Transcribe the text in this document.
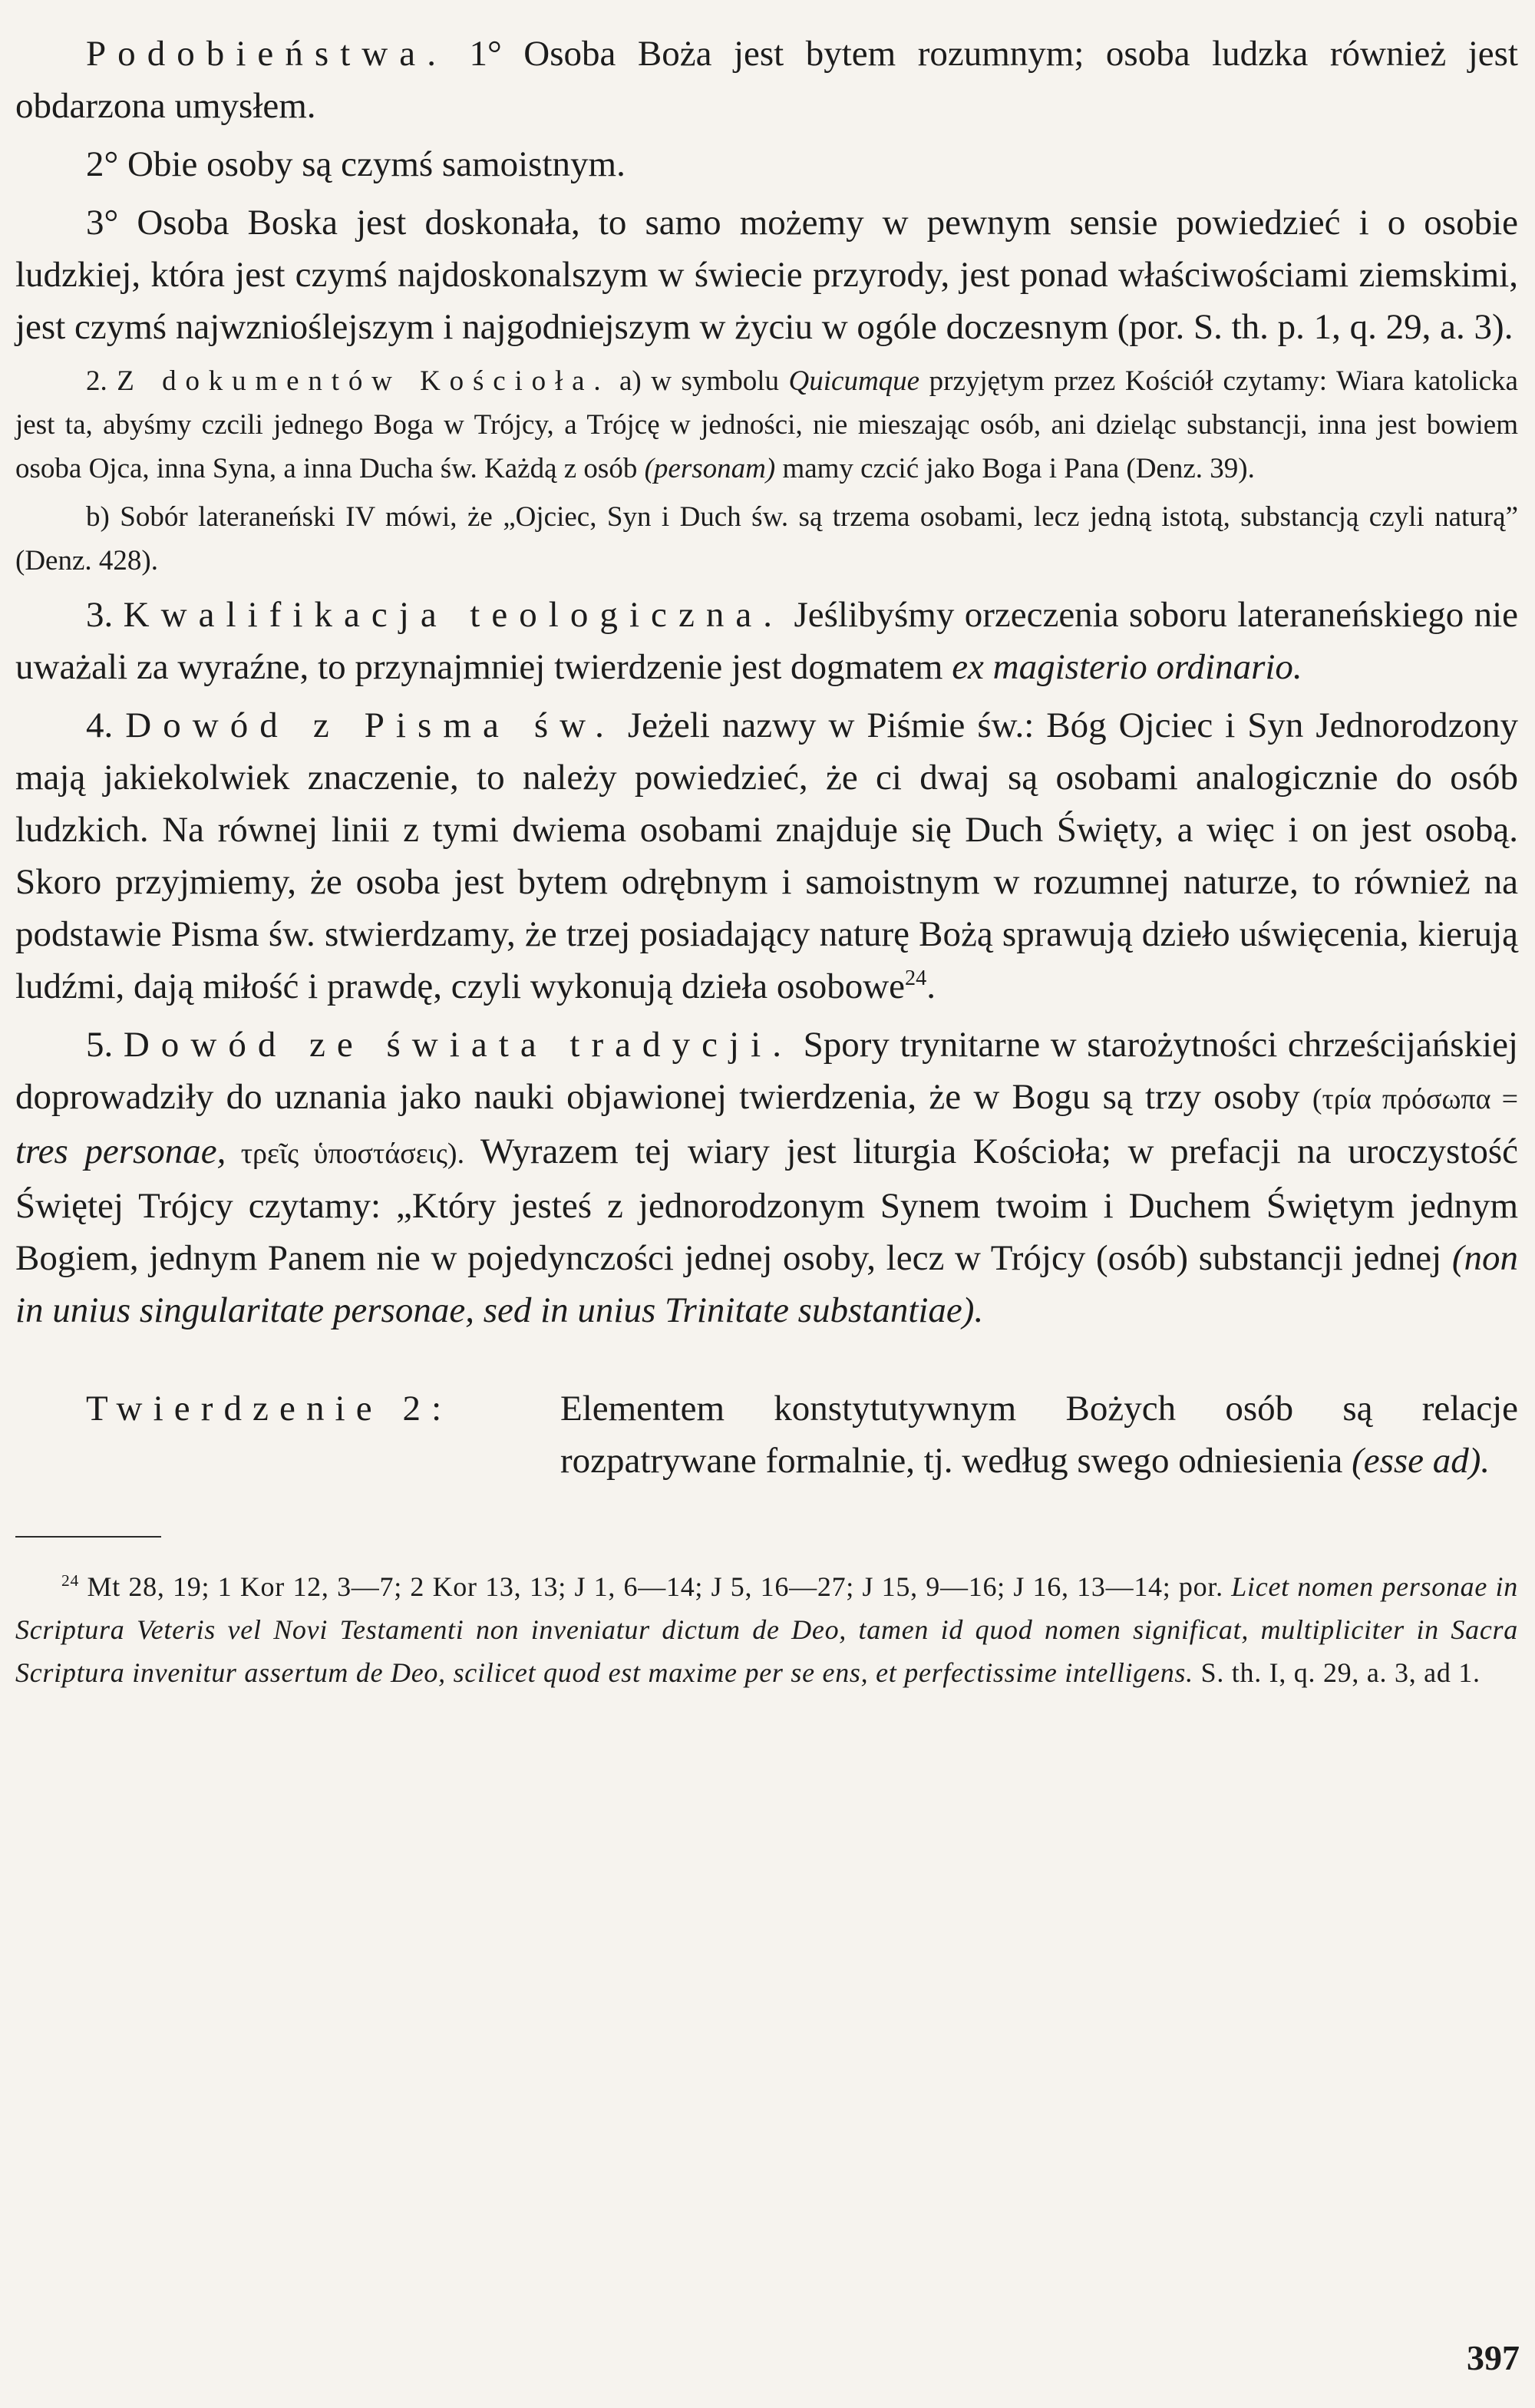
Podobieństwa. 1° Osoba Boża jest bytem rozumnym; osoba ludzka również jest obdarzona umysłem.

2° Obie osoby są czymś samoistnym.

3° Osoba Boska jest doskonała, to samo możemy w pewnym sensie powiedzieć i o osobie ludzkiej, która jest czymś najdoskonalszym w świecie przyrody, jest ponad właściwościami ziemskimi, jest czymś najwznioślejszym i najgodniejszym w życiu w ogóle doczesnym (por. S. th. p. 1, q. 29, a. 3).

2. Z dokumentów Kościoła. a) w symbolu Quicumque przyjętym przez Kościół czytamy: Wiara katolicka jest ta, abyśmy czcili jednego Boga w Trójcy, a Trójcę w jedności, nie mieszając osób, ani dzieląc substancji, inna jest bowiem osoba Ojca, inna Syna, a inna Ducha św. Każdą z osób (personam) mamy czcić jako Boga i Pana (Denz. 39).

b) Sobór lateraneński IV mówi, że „Ojciec, Syn i Duch św. są trzema osobami, lecz jedną istotą, substancją czyli naturą” (Denz. 428).

3. Kwalifikacja teologiczna. Jeślibyśmy orzeczenia soboru lateraneńskiego nie uważali za wyraźne, to przynajmniej twierdzenie jest dogmatem ex magisterio ordinario.

4. Dowód z Pisma św. Jeżeli nazwy w Piśmie św.: Bóg Ojciec i Syn Jednorodzony mają jakiekolwiek znaczenie, to należy powiedzieć, że ci dwaj są osobami analogicznie do osób ludzkich. Na równej linii z tymi dwiema osobami znajduje się Duch Święty, a więc i on jest osobą. Skoro przyjmiemy, że osoba jest bytem odrębnym i samoistnym w rozumnej naturze, to również na podstawie Pisma św. stwierdzamy, że trzej posiadający naturę Bożą sprawują dzieło uświęcenia, kierują ludźmi, dają miłość i prawdę, czyli wykonują dzieła osobowe$^{24}$.

5. Dowód ze świata tradycji. Spory trynitarne w starożytności chrześcijańskiej doprowadziły do uznania jako nauki objawionej twierdzenia, że w Bogu są trzy osoby (τρία πρόσωπα = tres personae, τρεῖς ὑποστάσεις). Wyrazem tej wiary jest liturgia Kościoła; w prefacji na uroczystość Świętej Trójcy czytamy: „Który jesteś z jednorodzonym Synem twoim i Duchem Świętym jednym Bogiem, jednym Panem nie w pojedynczości jednej osoby, lecz w Trójcy (osób) substancji jednej (non in unius singularitate personae, sed in unius Trinitate substantiae).

Twierdzenie 2:	Elementem konstytutywnym Bożych osób są relacje rozpatrywane formalnie, tj. według swego odniesienia (esse ad).

$^{24}$ Mt 28, 19; 1 Kor 12, 3—7; 2 Kor 13, 13; J 1, 6—14; J 5, 16—27; J 15, 9—16; J 16, 13—14; por. Licet nomen personae in Scriptura Veteris vel Novi Testamenti non inveniatur dictum de Deo, tamen id quod nomen significat, multipliciter in Sacra Scriptura invenitur assertum de Deo, scilicet quod est maxime per se ens, et perfectissime intelligens. S. th. I, q. 29, a. 3, ad 1.

397
